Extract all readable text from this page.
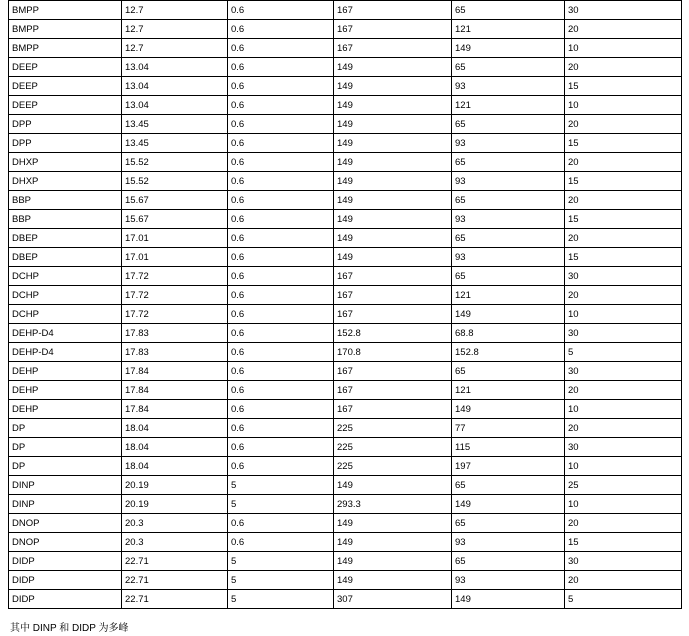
BMPP	12.7	0.6	167	65	30
BMPP	12.7	0.6	167	121	20
BMPP	12.7	0.6	167	149	10
DEEP	13.04	0.6	149	65	20
DEEP	13.04	0.6	149	93	15
DEEP	13.04	0.6	149	121	10
DPP	13.45	0.6	149	65	20
DPP	13.45	0.6	149	93	15
DHXP	15.52	0.6	149	65	20
DHXP	15.52	0.6	149	93	15
BBP	15.67	0.6	149	65	20
BBP	15.67	0.6	149	93	15
DBEP	17.01	0.6	149	65	20
DBEP	17.01	0.6	149	93	15
DCHP	17.72	0.6	167	65	30
DCHP	17.72	0.6	167	121	20
DCHP	17.72	0.6	167	149	10
DEHP-D4	17.83	0.6	152.8	68.8	30
DEHP-D4	17.83	0.6	170.8	152.8	5
DEHP	17.84	0.6	167	65	30
DEHP	17.84	0.6	167	121	20
DEHP	17.84	0.6	167	149	10
DP	18.04	0.6	225	77	20
DP	18.04	0.6	225	115	30
DP	18.04	0.6	225	197	10
DINP	20.19	5	149	65	25
DINP	20.19	5	293.3	149	10
DNOP	20.3	0.6	149	65	20
DNOP	20.3	0.6	149	93	15
DIDP	22.71	5	149	65	30
DIDP	22.71	5	149	93	20
DIDP	22.71	5	307	149	5
其中 DINP 和 DIDP 为多峰
